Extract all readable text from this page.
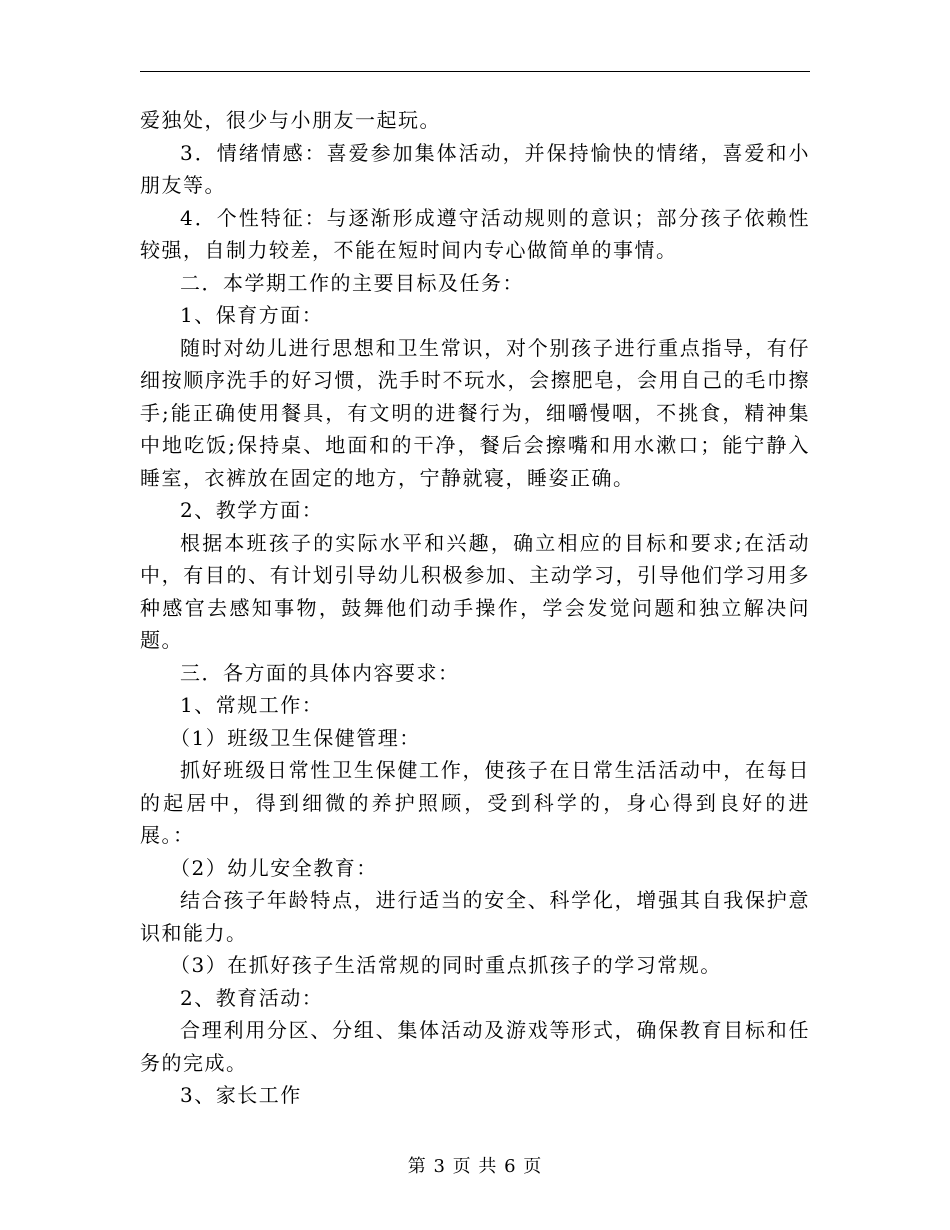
爱独处，很少与小朋友一起玩。

3．情绪情感：喜爱参加集体活动，并保持愉快的情绪，喜爱和小朋友等。

4．个性特征：与逐渐形成遵守活动规则的意识；部分孩子依赖性较强，自制力较差，不能在短时间内专心做简单的事情。

二．本学期工作的主要目标及任务：

1、保育方面：

随时对幼儿进行思想和卫生常识，对个别孩子进行重点指导，有仔细按顺序洗手的好习惯，洗手时不玩水，会擦肥皂，会用自己的毛巾擦手;能正确使用餐具，有文明的进餐行为，细嚼慢咽，不挑食，精神集中地吃饭;保持桌、地面和的干净，餐后会擦嘴和用水漱口；能宁静入睡室，衣裤放在固定的地方，宁静就寝，睡姿正确。

2、教学方面：

根据本班孩子的实际水平和兴趣，确立相应的目标和要求;在活动中，有目的、有计划引导幼儿积极参加、主动学习，引导他们学习用多种感官去感知事物，鼓舞他们动手操作，学会发觉问题和独立解决问题。

三．各方面的具体内容要求：

1、常规工作：

（1）班级卫生保健管理：

抓好班级日常性卫生保健工作，使孩子在日常生活活动中，在每日的起居中，得到细微的养护照顾，受到科学的，身心得到良好的进展。：

（2）幼儿安全教育：

结合孩子年龄特点，进行适当的安全、科学化，增强其自我保护意识和能力。

（3）在抓好孩子生活常规的同时重点抓孩子的学习常规。

2、教育活动：

合理利用分区、分组、集体活动及游戏等形式，确保教育目标和任务的完成。

3、家长工作

第 3 页 共 6 页
